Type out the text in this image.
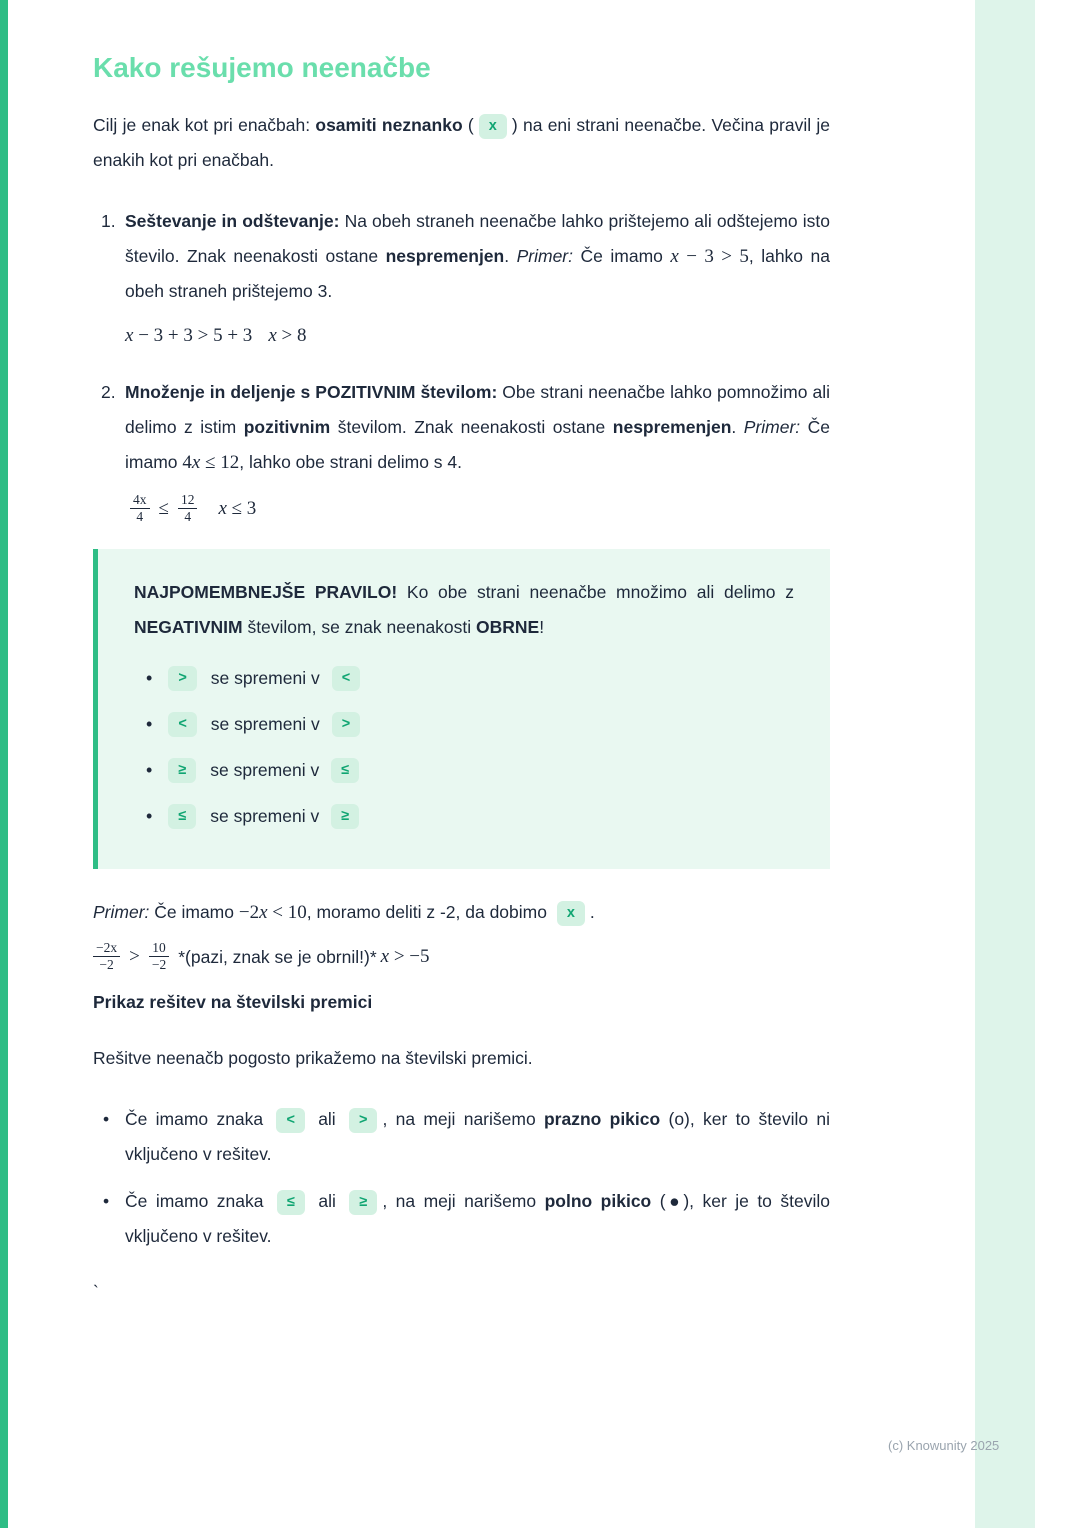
Kako rešujemo neenačbe

Cilj je enak kot pri enačbah: osamiti neznanko ( x ) na eni strani neenačbe. Večina pravil je enakih kot pri enačbah.

1. Seštevanje in odštevanje: Na obeh straneh neenačbe lahko prištejemo ali odštejemo isto število. Znak neenakosti ostane nespremenjen. Primer: Če imamo x − 3 > 5, lahko na obeh straneh prištejemo 3.
x − 3 + 3 > 5 + 3 x > 8
2. Množenje in deljenje s POZITIVNIM številom: Obe strani neenačbe lahko pomnožimo ali delimo z istim pozitivnim številom. Znak neenakosti ostane nespremenjen. Primer: Če imamo 4x ≤ 12, lahko obe strani delimo s 4.
$\frac{4x}{4} \le \frac{12}{4}$ x ≤ 3

NAJPOMEMBNEJŠE PRAVILO! Ko obe strani neenačbe množimo ali delimo z NEGATIVNIM številom, se znak neenakosti OBRNE!

• >	se spremeni v	<
• <	se spremeni v	>
• ≥	se spremeni v	≤
• ≤	se spremeni v	≥

Primer: Če imamo −2x < 10, moramo deliti z -2, da dobimo x .

$\frac{-2x}{-2} > \frac{10}{-2}$ *(pazi, znak se je obrnil!)* x > −5
Prikaz rešitev na številski premici

Rešitve neenačb pogosto prikažemo na številski premici.

• Če imamo znaka < ali > , na meji narišemo prazno pikico (o), ker to število ni vključeno v rešitev.
• Če imamo znaka ≤ ali ≥ , na meji narišemo polno pikico (●), ker je to število vključeno v rešitev.

`

(c) Knowunity 2025
